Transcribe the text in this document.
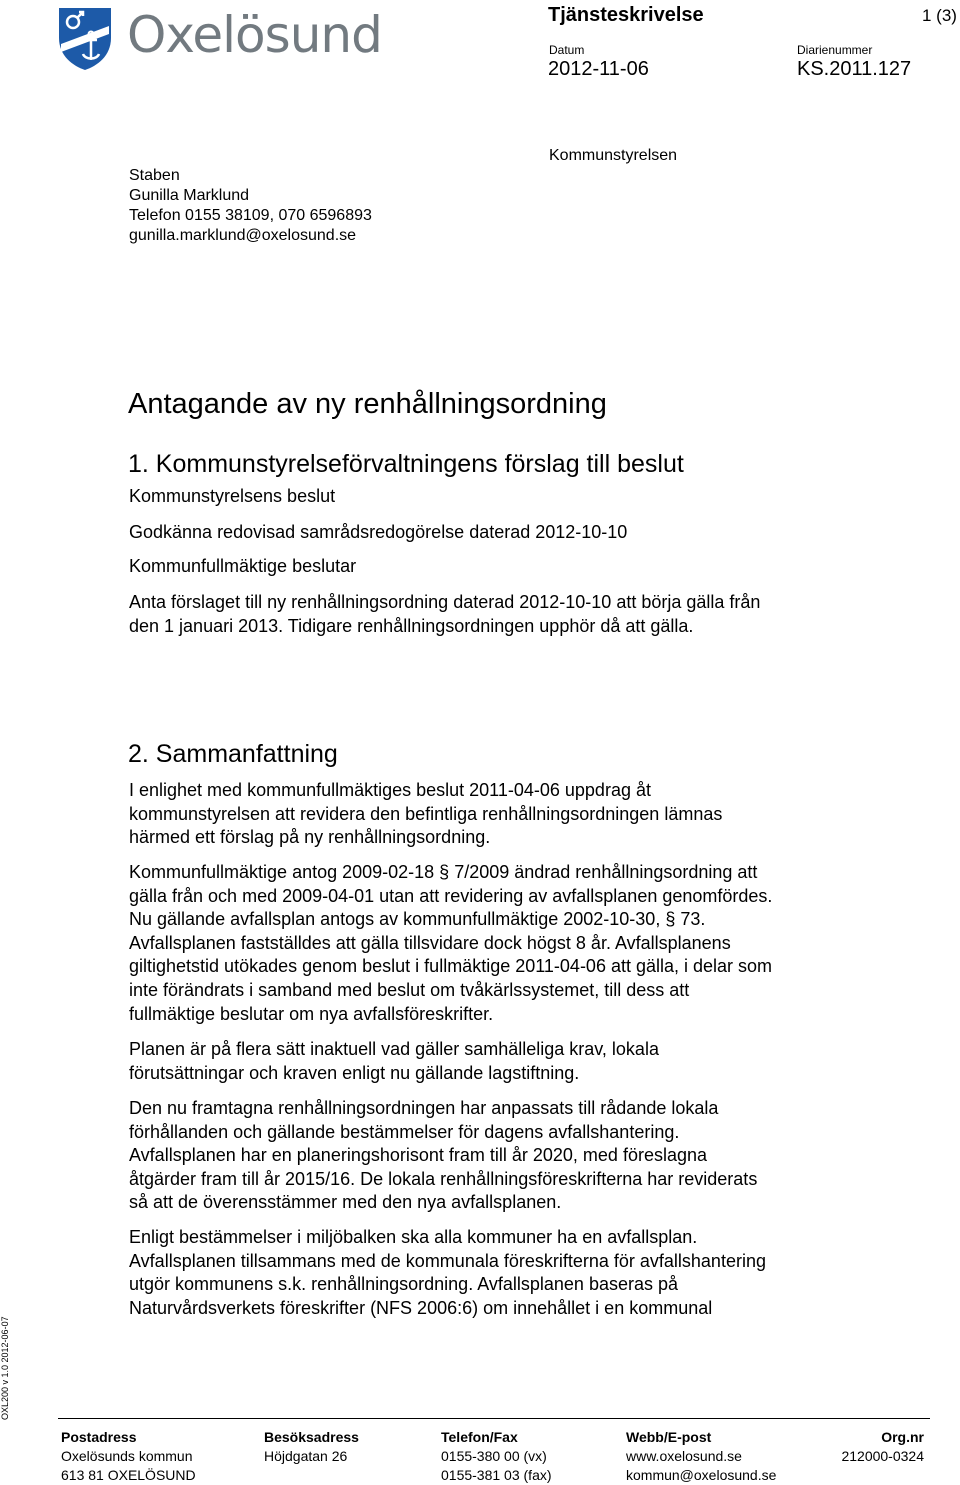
Oxelösund	Tjänsteskrivelse	1 (3)
Datum	Diarienummer
2012-11-06	KS.2011.127
Kommunstyrelsen
Staben
Gunilla Marklund
Telefon 0155 38109, 070 6596893
gunilla.marklund@oxelosund.se
Antagande av ny renhållningsordning
1. Kommunstyrelseförvaltningens förslag till beslut
Kommunstyrelsens beslut
Godkänna redovisad samrådsredogörelse daterad 2012-10-10
Kommunfullmäktige beslutar
Anta förslaget till ny renhållningsordning daterad 2012-10-10 att börja gälla från
den 1 januari 2013. Tidigare renhållningsordningen upphör då att gälla.
2. Sammanfattning
I enlighet med kommunfullmäktiges beslut 2011-04-06 uppdrag åt
kommunstyrelsen att revidera den befintliga renhållningsordningen lämnas
härmed ett förslag på ny renhållningsordning.
Kommunfullmäktige antog 2009-02-18 § 7/2009 ändrad renhållningsordning att
gälla från och med 2009-04-01 utan att revidering av avfallsplanen genomfördes.
Nu gällande avfallsplan antogs av kommunfullmäktige 2002-10-30, § 73.
Avfallsplanen fastställdes att gälla tillsvidare dock högst 8 år. Avfallsplanens
giltighetstid utökades genom beslut i fullmäktige 2011-04-06 att gälla, i delar som
inte förändrats i samband med beslut om tvåkärlssystemet, till dess att
fullmäktige beslutar om nya avfallsföreskrifter.
Planen är på flera sätt inaktuell vad gäller samhälleliga krav, lokala
förutsättningar och kraven enligt nu gällande lagstiftning.
Den nu framtagna renhållningsordningen har anpassats till rådande lokala
förhållanden och gällande bestämmelser för dagens avfallshantering.
Avfallsplanen har en planeringshorisont fram till år 2020, med föreslagna
åtgärder fram till år 2015/16. De lokala renhållningsföreskrifterna har reviderats
så att de överensstämmer med den nya avfallsplanen.
Enligt bestämmelser i miljöbalken ska alla kommuner ha en avfallsplan.
Avfallsplanen tillsammans med de kommunala föreskrifterna för avfallshantering
utgör kommunens s.k. renhållningsordning. Avfallsplanen baseras på
Naturvårdsverkets föreskrifter (NFS 2006:6) om innehållet i en kommunal
OXL200 v 1.0 2012-06-07
Postadress
Oxelösunds kommun
613 81 OXELÖSUND
Besöksadress
Höjdgatan 26
Telefon/Fax
0155-380 00 (vx)
0155-381 03 (fax)
Webb/E-post
www.oxelosund.se
kommun@oxelosund.se
Org.nr
212000-0324
